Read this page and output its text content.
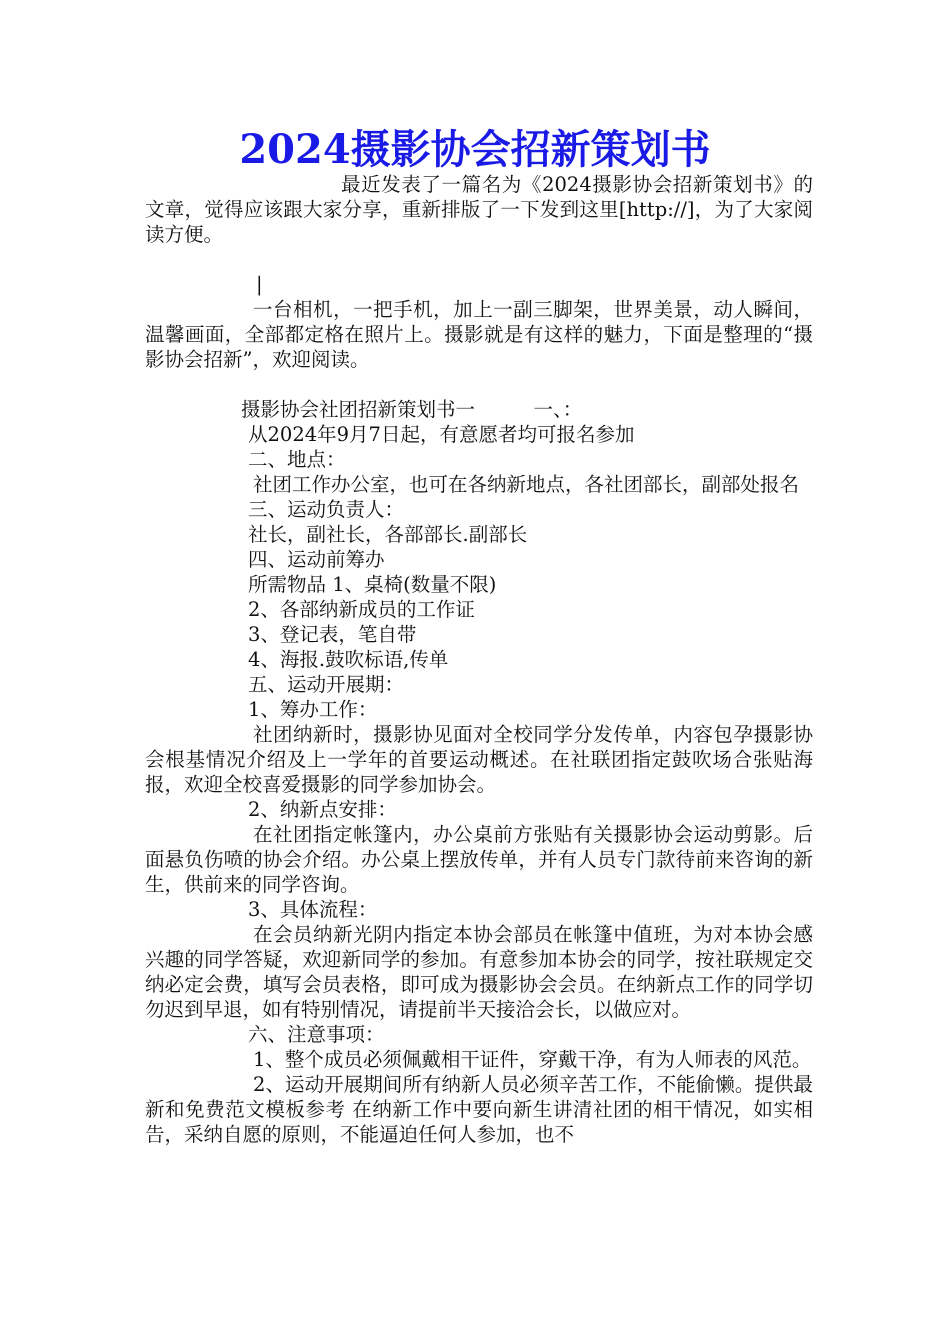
2024摄影协会招新策划书

最近发表了一篇名为《2024摄影协会招新策划书》的文章，觉得应该跟大家分享，重新排版了一下发到这里[http://]，为了大家阅读方便。

|

一台相机，一把手机，加上一副三脚架，世界美景，动人瞬间，温馨画面，全部都定格在照片上。摄影就是有这样的魅力，下面是整理的“摄影协会招新”，欢迎阅读。

摄影协会社团招新策划书一　　　一、：

从2024年9月7日起，有意愿者均可报名参加

二、地点：

社团工作办公室，也可在各纳新地点，各社团部长，副部处报名

三、运动负责人：

社长，副社长，各部部长.副部长

四、运动前筹办

所需物品 1、桌椅(数量不限)

2、各部纳新成员的工作证

3、登记表，笔自带

4、海报.鼓吹标语,传单

五、运动开展期：

1、筹办工作：

社团纳新时，摄影协见面对全校同学分发传单，内容包孕摄影协会根基情况介绍及上一学年的首要运动概述。在社联团指定鼓吹场合张贴海报，欢迎全校喜爱摄影的同学参加协会。

2、纳新点安排：

在社团指定帐篷内，办公桌前方张贴有关摄影协会运动剪影。后面悬负伤喷的协会介绍。办公桌上摆放传单，并有人员专门款待前来咨询的新生，供前来的同学咨询。

3、具体流程：

在会员纳新光阴内指定本协会部员在帐篷中值班，为对本协会感兴趣的同学答疑，欢迎新同学的参加。有意参加本协会的同学，按社联规定交纳必定会费，填写会员表格，即可成为摄影协会会员。在纳新点工作的同学切勿迟到早退，如有特别情况，请提前半天接洽会长，以做应对。

六、注意事项：

1、整个成员必须佩戴相干证件，穿戴干净，有为人师表的风范。

2、运动开展期间所有纳新人员必须辛苦工作，不能偷懒。提供最新和免费范文模板参考 在纳新工作中要向新生讲清社团的相干情况，如实相告，采纳自愿的原则，不能逼迫任何人参加，也不
